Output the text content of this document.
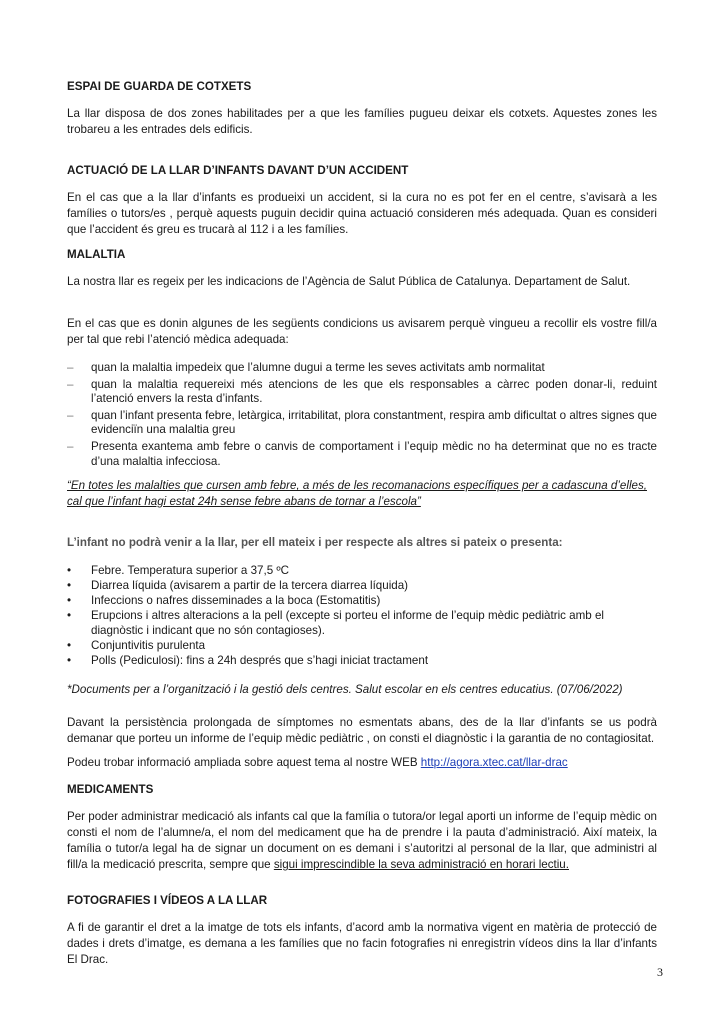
ESPAI DE GUARDA DE COTXETS
La llar disposa de dos zones habilitades per a que les famílies pugueu deixar els cotxets. Aquestes zones les trobareu a les entrades dels edificis.
ACTUACIÓ DE LA LLAR D’INFANTS DAVANT D’UN ACCIDENT
En el cas que a la llar d’infants es produeixi un accident, si la cura no es pot fer en el centre, s’avisarà a les famílies o tutors/es , perquè aquests puguin decidir quina actuació consideren més adequada. Quan es consideri que l’accident és greu es trucarà al 112 i a les famílies.
MALALTIA
La nostra llar es regeix per les indicacions de l’Agència de Salut Pública de Catalunya. Departament de Salut.
En el cas que es donin algunes de les següents condicions us avisarem perquè vingueu a recollir els vostre fill/a per tal que rebi l’atenció mèdica adequada:
– quan la malaltia impedeix que l’alumne dugui a terme les seves activitats amb normalitat
– quan la malaltia requereixi més atencions de les que els responsables a càrrec poden donar-li, reduint l’atenció envers la resta d’infants.
– quan l’infant presenta febre, letàrgica, irritabilitat, plora constantment, respira amb dificultat o altres signes que evidenciïn una malaltia greu
– Presenta exantema amb febre o canvis de comportament i l’equip mèdic no ha determinat que no es tracte d’una malaltia infecciosa.
“En totes les malalties que cursen amb febre, a més de les recomanacions específiques per a cadascuna d’elles, cal que l’infant hagi estat 24h sense febre abans de tornar a l’escola”
L’infant no podrà venir a la llar, per ell mateix i per respecte als altres si pateix o presenta:
• Febre. Temperatura superior a 37,5 ºC
• Diarrea líquida (avisarem a partir de la tercera diarrea líquida)
• Infeccions o nafres disseminades a la boca (Estomatitis)
• Erupcions i altres alteracions a la pell (excepte si porteu el informe de l’equip mèdic pediàtric amb el diagnòstic i indicant que no són contagioses).
• Conjuntivitis purulenta
• Polls (Pediculosi): fins a 24h després que s’hagi iniciat tractament
*Documents per a l’organització i la gestió dels centres. Salut escolar en els centres educatius. (07/06/2022)
Davant la persistència prolongada de símptomes no esmentats abans, des de la llar d’infants se us podrà demanar que porteu un informe de l’equip mèdic pediàtric , on consti el diagnòstic i la garantia de no contagiositat.
Podeu trobar informació ampliada sobre aquest tema al nostre WEB http://agora.xtec.cat/llar-drac
MEDICAMENTS
Per poder administrar medicació als infants cal que la família o tutora/or legal aporti un informe de l’equip mèdic on consti el nom de l’alumne/a, el nom del medicament que ha de prendre i la pauta d’administració. Així mateix, la família o tutor/a legal ha de signar un document on es demani i s’autoritzi al personal de la llar, que administri al fill/a la medicació prescrita, sempre que sigui imprescindible la seva administració en horari lectiu.
FOTOGRAFIES I VÍDEOS A LA LLAR
A fi de garantir el dret a la imatge de tots els infants, d’acord amb la normativa vigent en matèria de protecció de dades i drets d’imatge, es demana a les famílies que no facin fotografies ni enregistrin vídeos dins la llar d’infants El Drac.
3
